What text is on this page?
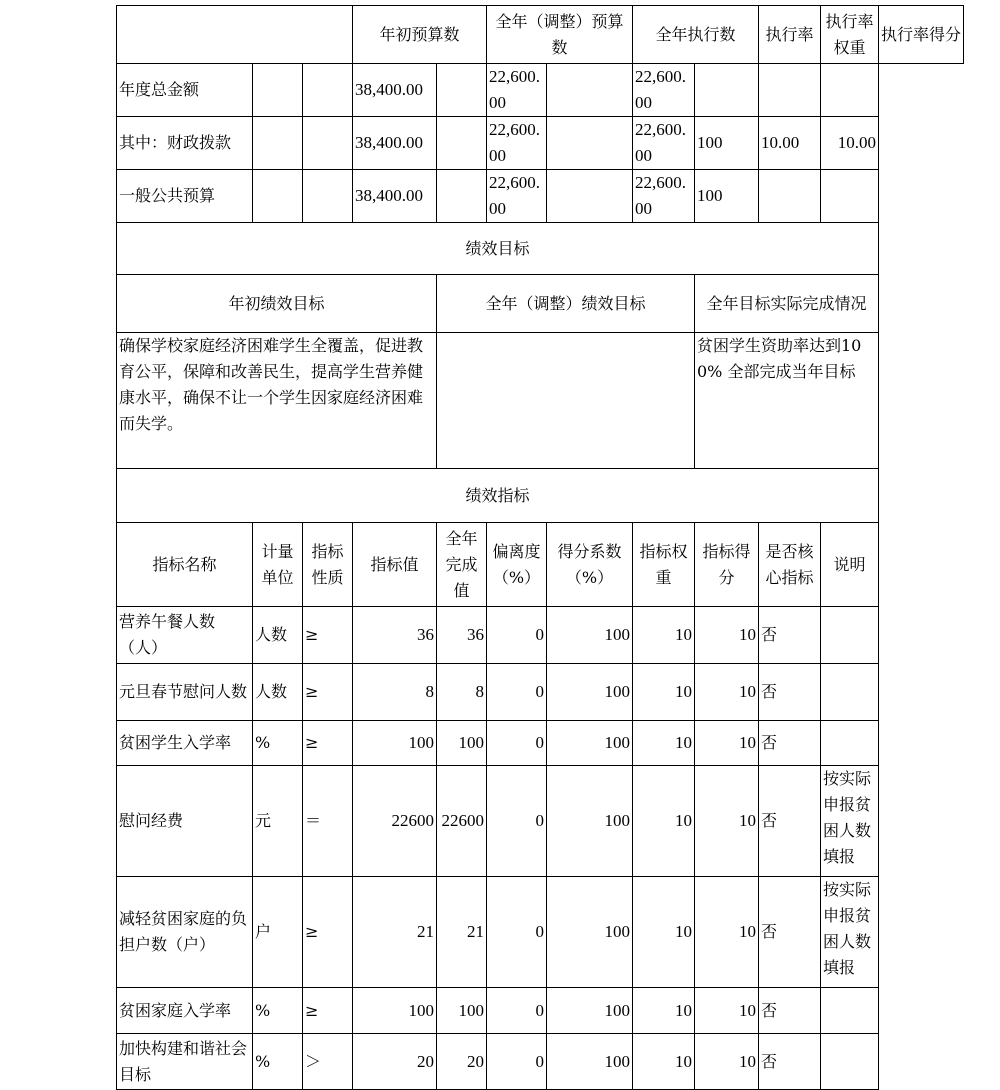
			年初预算数		全年（调整）预算数		全年执行数		执行率	执行率权重	执行率得分
年度总金额			38,400.00		22,600.00		22,600.00				
其中：财政拨款			38,400.00		22,600.00		22,600.00	100	10.00	10.00	
一般公共预算			38,400.00		22,600.00		22,600.00	100			
绩效目标											
年初绩效目标				全年（调整）绩效目标				全年目标实际完成情况			
确保学校家庭经济困难学生全覆盖，促进教育公平，保障和改善民生，提高学生营养健康水平，确保不让一个学生因家庭经济困难而失学。								贫困学生资助率达到100% 全部完成当年目标			
绩效指标											
指标名称	计量单位	指标性质	指标值	全年完成值	偏离度（%）	得分系数（%）	指标权重	指标得分	是否核心指标	说明	
营养午餐人数（人）	人数	≥	36	36	0	100	10	10	否		
元旦春节慰问人数	人数	≥	8	8	0	100	10	10	否		
贫困学生入学率	%	≥	100	100	0	100	10	10	否		
慰问经费	元	＝	22600	22600	0	100	10	10	否	按实际申报贫困人数填报	
减轻贫困家庭的负担户数（户）	户	≥	21	21	0	100	10	10	否	按实际申报贫困人数填报	
贫困家庭入学率	%	≥	100	100	0	100	10	10	否		
加快构建和谐社会目标	%	＞	20	20	0	100	10	10	否		
